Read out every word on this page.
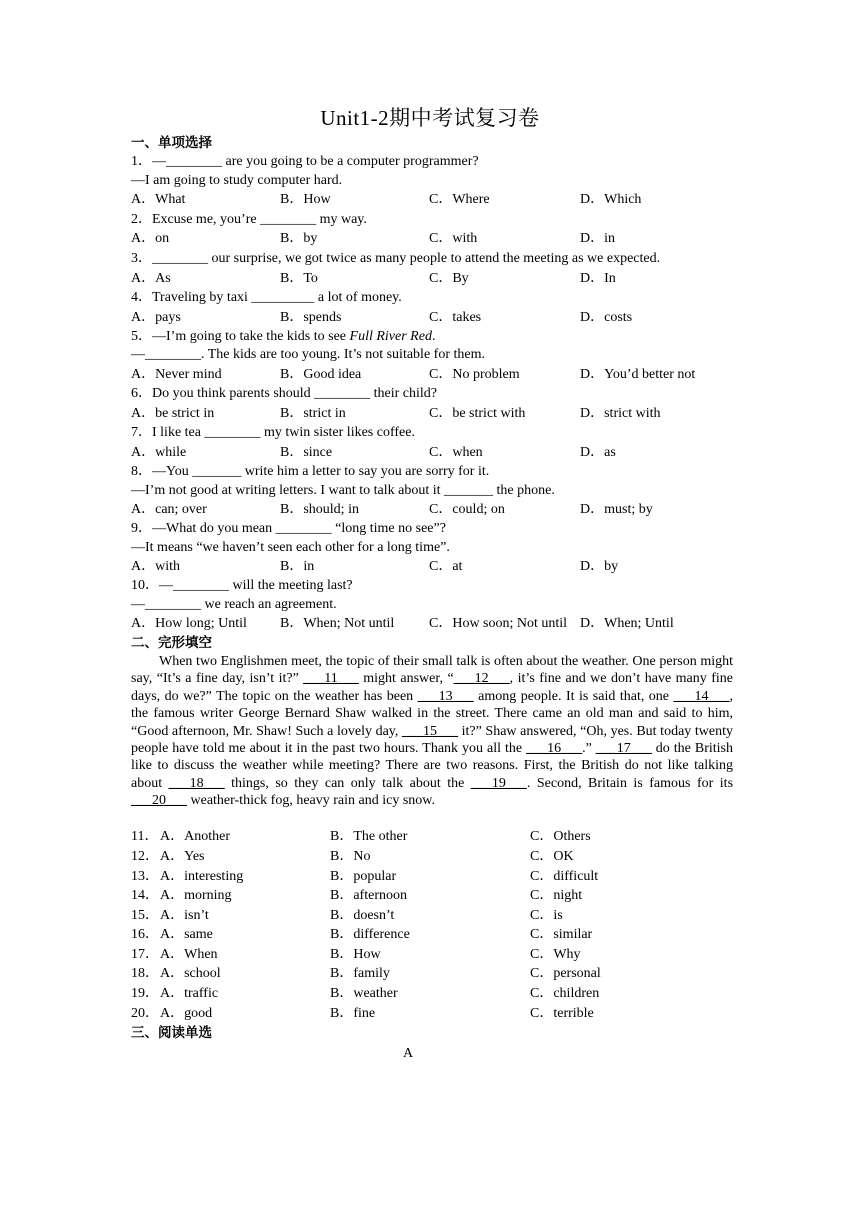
Unit1-2期中考试复习卷
一、单项选择
1．—________ are you going to be a computer programmer?
—I am going to study computer hard.
A．What	B．How	C．Where	D．Which
2．Excuse me, you’re ________ my way.
A．on	B．by	C．with	D．in
3．________ our surprise, we got twice as many people to attend the meeting as we expected.
A．As	B．To	C．By	D．In
4．Traveling by taxi _________ a lot of money.
A．pays	B．spends	C．takes	D．costs
5．—I’m going to take the kids to see Full River Red.
—________. The kids are too young. It’s not suitable for them.
A．Never mind	B．Good idea	C．No problem	D．You’d better not
6．Do you think parents should ________ their child?
A．be strict in	B．strict in	C．be strict with	D．strict with
7．I like tea ________ my twin sister likes coffee.
A．while	B．since	C．when	D．as
8．—You _______ write him a letter to say you are sorry for it.
—I’m not good at writing letters. I want to talk about it _______ the phone.
A．can; over	B．should; in	C．could; on	D．must; by
9．—What do you mean ________ “long time no see”?
—It means “we haven’t seen each other for a long time”.
A．with	B．in	C．at	D．by
10．—________ will the meeting last?
—________ we reach an agreement.
A．How long; Until B．When; Not until C．How soon; Not until D．When; Until
二、完形填空

When two Englishmen meet, the topic of their small talk is often about the weather. One person might say, “It’s a fine day, isn’t it?” ___11___ might answer, “___12___, it’s fine and we don’t have many fine days, do we?” The topic on the weather has been ___13___ among people. It is said that, one ___14___, the famous writer George Bernard Shaw walked in the street. There came an old man and said to him, “Good afternoon, Mr. Shaw! Such a lovely day, ___15___ it?” Shaw answered, “Oh, yes. But today twenty people have told me about it in the past two hours. Thank you all the ___16___.” ___17___ do the British like to discuss the weather while meeting? There are two reasons. First, the British do not like talking about ___18___ things, so they can only talk about the ___19___. Second, Britain is famous for its ___20___ weather-thick fog, heavy rain and icy snow.

11． A．Another	B．The other	C．Others
12． A．Yes	B．No	C．OK
13． A．interesting	B．popular	C．difficult
14． A．morning	B．afternoon	C．night
15． A．isn’t	B．doesn’t	C．is
16． A．same	B．difference	C．similar
17． A．When	B．How	C．Why
18． A．school	B．family	C．personal
19． A．traffic	B．weather	C．children
20． A．good	B．fine	C．terrible
三、阅读单选
A
